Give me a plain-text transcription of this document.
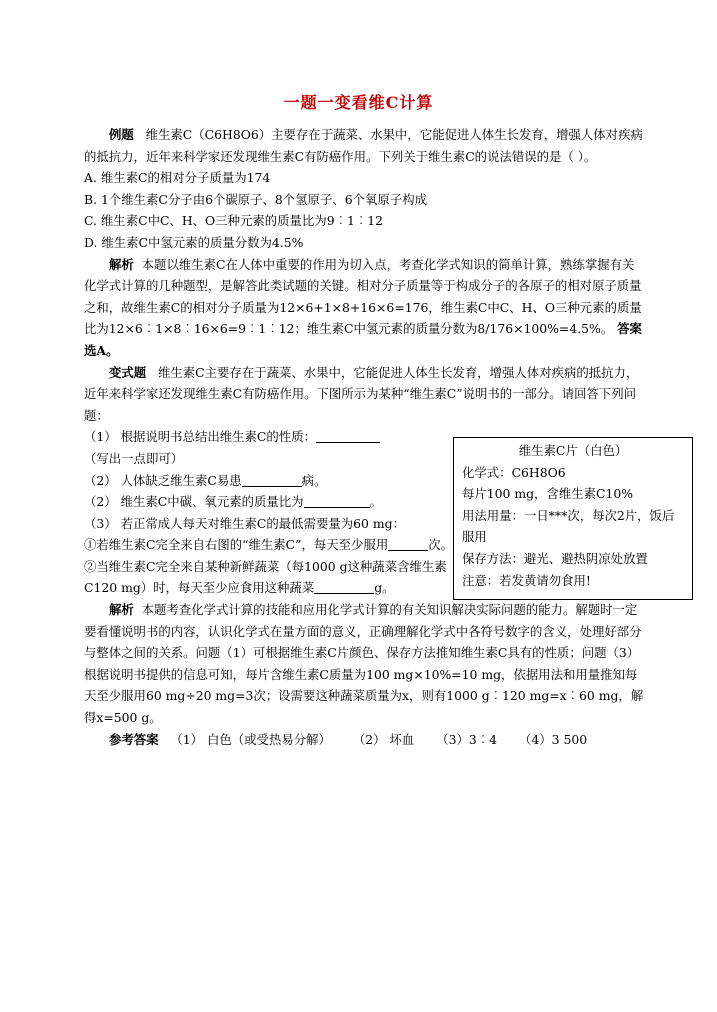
一题一变看维C计算

例题 维生素C（C6H8O6）主要存在于蔬菜、水果中，它能促进人体生长发育，增强人体对疾病的抵抗力，近年来科学家还发现维生素C有防癌作用。下列关于维生素C的说法错误的是（ ）。

A. 维生素C的相对分子质量为174

B. 1个维生素C分子由6个碳原子、8个氢原子、6个氧原子构成

C. 维生素C中C、H、O三种元素的质量比为9︰1︰12

D. 维生素C中氢元素的质量分数为4.5%

解析 本题以维生素C在人体中重要的作用为切入点，考查化学式知识的简单计算，熟练掌握有关化学式计算的几种题型，是解答此类试题的关键。相对分子质量等于构成分子的各原子的相对原子质量之和，故维生素C的相对分子质量为12×6+1×8+16×6=176，维生素C中C、H、O三种元素的质量比为12×6︰1×8︰16×6=9︰1︰12；维生素C中氢元素的质量分数为8/176×100%=4.5%。 答案选A。

变式题 维生素C主要存在于蔬菜、水果中，它能促进人体生长发育，增强人体对疾病的抵抗力，近年来科学家还发现维生素C有防癌作用。下图所示为某种“维生素C”说明书的一部分。请回答下列问题：

（1） 根据说明书总结出维生素C的性质：

（写出一点即可）

（2） 人体缺乏维生素C易患	病。

（2） 维生素C中碳、氧元素的质量比为	。

（3） 若正常成人每天对维生素C的最低需要量为60 mg：

①若维生素C完全来自右图的“维生素C”，每天至少服用	次。

②当维生素C完全来自某种新鲜蔬菜（每1000 g这种蔬菜含维生素C120 mg）时，每天至少应食用这种蔬菜	g。

解析 本题考查化学式计算的技能和应用化学式计算的有关知识解决实际问题的能力。解题时一定要看懂说明书的内容，认识化学式在量方面的意义，正确理解化学式中各符号数字的含义，处理好部分与整体之间的关系。问题（1）可根据维生素C片颜色、保存方法推知维生素C具有的性质；问题（3）根据说明书提供的信息可知，每片含维生素C质量为100 mg×10%=10 mg，依据用法和用量推知每天至少服用60 mg÷20 mg=3次；设需要这种蔬菜质量为x，则有1000 g︰120 mg=x︰60 mg，解得x=500 g。

参考答案 （1） 白色（或受热易分解） （2） 坏血 （3）3︰4 （4）3 500

维生素C片（白色）
化学式：C6H8O6
每片100 mg，含维生素C10%
用法用量：一日***次，每次2片，饭后服用
保存方法：避光、避热阴凉处放置
注意：若发黄请勿食用!
